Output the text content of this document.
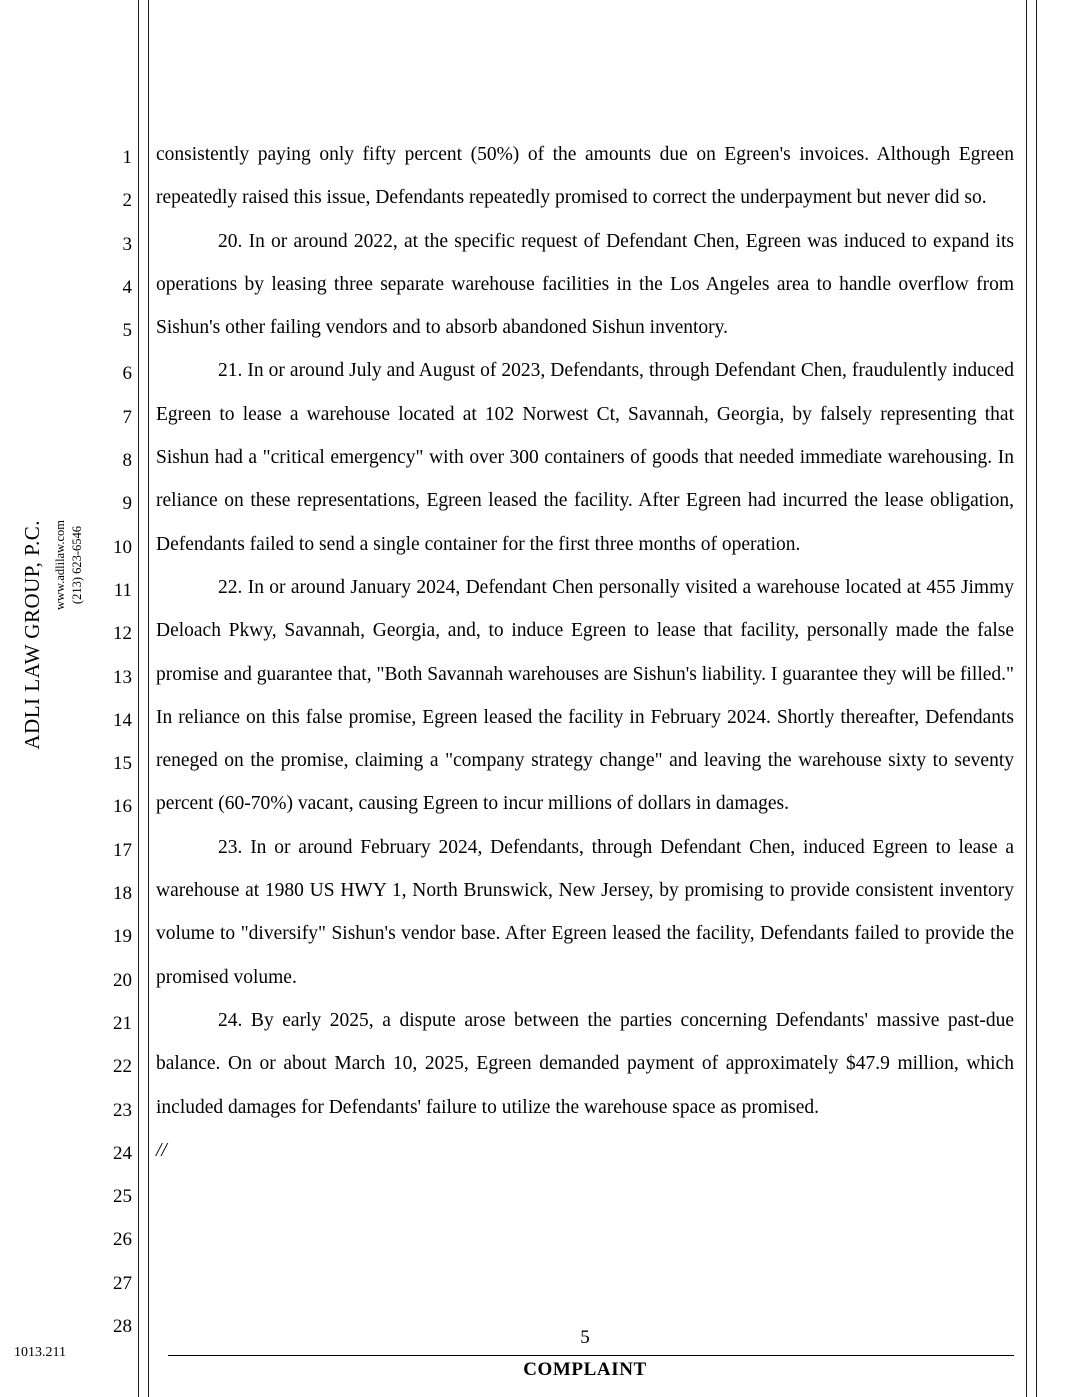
ADLI LAW GROUP, P.C. www.adlilaw.com (213) 623-6546
1
2
3
4
5
6
7
8
9
10
11
12
13
14
15
16
17
18
19
20
21
22
23
24
25
26
27
28

consistently paying only fifty percent (50%) of the amounts due on Egreen's invoices. Although Egreen repeatedly raised this issue, Defendants repeatedly promised to correct the underpayment but never did so.

20. In or around 2022, at the specific request of Defendant Chen, Egreen was induced to expand its operations by leasing three separate warehouse facilities in the Los Angeles area to handle overflow from Sishun's other failing vendors and to absorb abandoned Sishun inventory.

21. In or around July and August of 2023, Defendants, through Defendant Chen, fraudulently induced Egreen to lease a warehouse located at 102 Norwest Ct, Savannah, Georgia, by falsely representing that Sishun had a "critical emergency" with over 300 containers of goods that needed immediate warehousing. In reliance on these representations, Egreen leased the facility. After Egreen had incurred the lease obligation, Defendants failed to send a single container for the first three months of operation.

22. In or around January 2024, Defendant Chen personally visited a warehouse located at 455 Jimmy Deloach Pkwy, Savannah, Georgia, and, to induce Egreen to lease that facility, personally made the false promise and guarantee that, "Both Savannah warehouses are Sishun's liability. I guarantee they will be filled." In reliance on this false promise, Egreen leased the facility in February 2024. Shortly thereafter, Defendants reneged on the promise, claiming a "company strategy change" and leaving the warehouse sixty to seventy percent (60-70%) vacant, causing Egreen to incur millions of dollars in damages.

23. In or around February 2024, Defendants, through Defendant Chen, induced Egreen to lease a warehouse at 1980 US HWY 1, North Brunswick, New Jersey, by promising to provide consistent inventory volume to "diversify" Sishun's vendor base. After Egreen leased the facility, Defendants failed to provide the promised volume.

24. By early 2025, a dispute arose between the parties concerning Defendants' massive past-due balance. On or about March 10, 2025, Egreen demanded payment of approximately $47.9 million, which included damages for Defendants' failure to utilize the warehouse space as promised.

//

1013.211
5
COMPLAINT
